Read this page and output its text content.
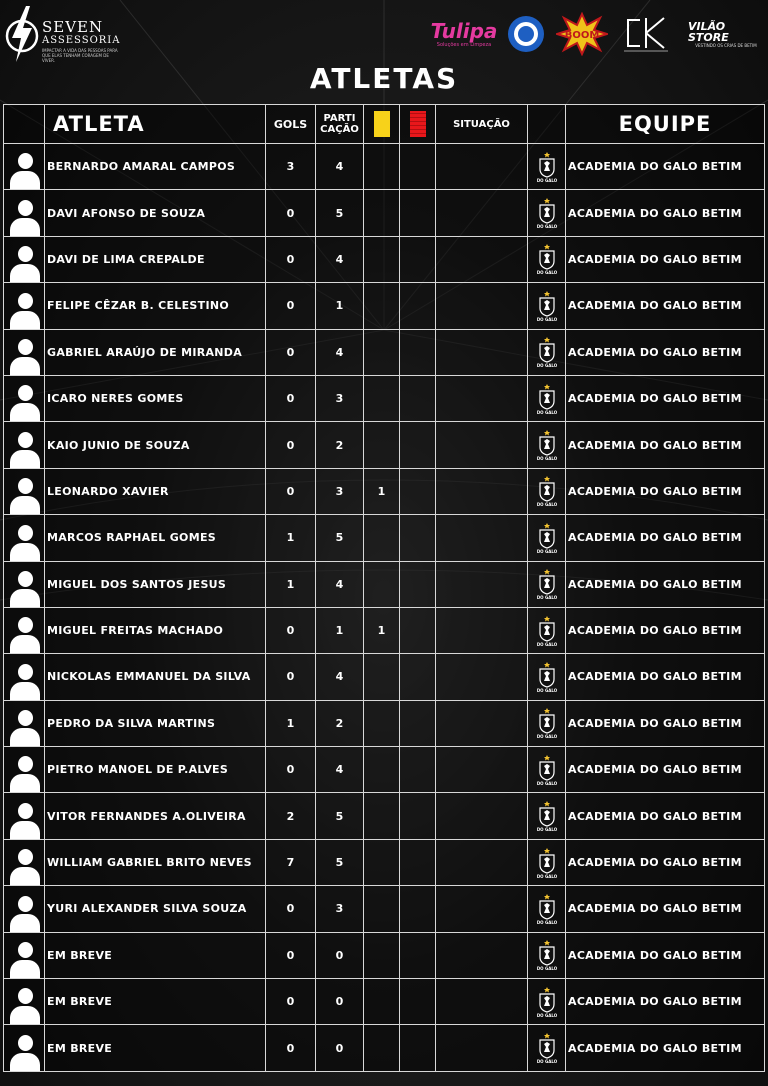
SEVEN
ASSESSORIA
IMPACTAR A VIDA DAS PESSOAS PARA QUE ELAS TENHAM CORAGEM DE VIVER.
Tulipa
Soluções em Limpeza
BOOM
VILÃO STORE
VESTINDO OS CRIAS DE BETIM
ATLETAS
	ATLETA	GOLS	PARTI
CAÇÃO			SITUAÇÃO		EQUIPE

	BERNARDO AMARAL CAMPOS	3	4				DO GALO	ACADEMIA DO GALO BETIM

	DAVI AFONSO DE SOUZA	0	5				DO GALO	ACADEMIA DO GALO BETIM

	DAVI DE LIMA CREPALDE	0	4				DO GALO	ACADEMIA DO GALO BETIM

	FELIPE CÊZAR B. CELESTINO	0	1				DO GALO	ACADEMIA DO GALO BETIM

	GABRIEL ARAÚJO DE MIRANDA	0	4				DO GALO	ACADEMIA DO GALO BETIM

	ICARO NERES GOMES	0	3				DO GALO	ACADEMIA DO GALO BETIM

	KAIO JUNIO DE SOUZA	0	2				DO GALO	ACADEMIA DO GALO BETIM

	LEONARDO XAVIER	0	3	1			DO GALO	ACADEMIA DO GALO BETIM

	MARCOS RAPHAEL GOMES	1	5				DO GALO	ACADEMIA DO GALO BETIM

	MIGUEL DOS SANTOS JESUS	1	4				DO GALO	ACADEMIA DO GALO BETIM

	MIGUEL FREITAS MACHADO	0	1	1			DO GALO	ACADEMIA DO GALO BETIM

	NICKOLAS EMMANUEL DA SILVA	0	4				DO GALO	ACADEMIA DO GALO BETIM

	PEDRO DA SILVA MARTINS	1	2				DO GALO	ACADEMIA DO GALO BETIM

	PIETRO MANOEL DE P.ALVES	0	4				DO GALO	ACADEMIA DO GALO BETIM

	VITOR FERNANDES A.OLIVEIRA	2	5				DO GALO	ACADEMIA DO GALO BETIM

	WILLIAM GABRIEL BRITO NEVES	7	5				DO GALO	ACADEMIA DO GALO BETIM

	YURI ALEXANDER SILVA SOUZA	0	3				DO GALO	ACADEMIA DO GALO BETIM

	EM BREVE	0	0				DO GALO	ACADEMIA DO GALO BETIM

	EM BREVE	0	0				DO GALO	ACADEMIA DO GALO BETIM

	EM BREVE	0	0				DO GALO	ACADEMIA DO GALO BETIM
